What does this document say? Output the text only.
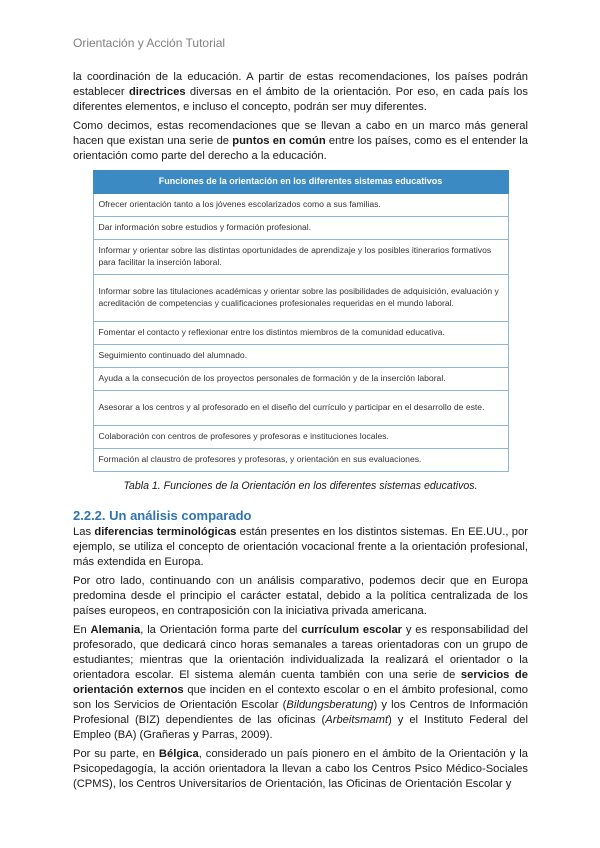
Orientación y Acción Tutorial

la coordinación de la educación. A partir de estas recomendaciones, los países podrán establecer directrices diversas en el ámbito de la orientación. Por eso, en cada país los diferentes elementos, e incluso el concepto, podrán ser muy diferentes.

Como decimos, estas recomendaciones que se llevan a cabo en un marco más general hacen que existan una serie de puntos en común entre los países, como es el entender la orientación como parte del derecho a la educación.

Funciones de la orientación en los diferentes sistemas educativos
Ofrecer orientación tanto a los jóvenes escolarizados como a sus familias.
Dar información sobre estudios y formación profesional.
Informar y orientar sobre las distintas oportunidades de aprendizaje y los posibles itinerarios formativos para facilitar la inserción laboral.
Informar sobre las titulaciones académicas y orientar sobre las posibilidades de adquisición, evaluación y acreditación de competencias y cualificaciones profesionales requeridas en el mundo laboral.
Fomentar el contacto y reflexionar entre los distintos miembros de la comunidad educativa.
Seguimiento continuado del alumnado.
Ayuda a la consecución de los proyectos personales de formación y de la inserción laboral.
Asesorar a los centros y al profesorado en el diseño del currículo y participar en el desarrollo de este.
Colaboración con centros de profesores y profesoras e instituciones locales.
Formación al claustro de profesores y profesoras, y orientación en sus evaluaciones.
Tabla 1. Funciones de la Orientación en los diferentes sistemas educativos.
2.2.2. Un análisis comparado

Las diferencias terminológicas están presentes en los distintos sistemas. En EE.UU., por ejemplo, se utiliza el concepto de orientación vocacional frente a la orientación profesional, más extendida en Europa.

Por otro lado, continuando con un análisis comparativo, podemos decir que en Europa predomina desde el principio el carácter estatal, debido a la política centralizada de los países europeos, en contraposición con la iniciativa privada americana.

En Alemania, la Orientación forma parte del currículum escolar y es responsabilidad del profesorado, que dedicará cinco horas semanales a tareas orientadoras con un grupo de estudiantes; mientras que la orientación individualizada la realizará el orientador o la orientadora escolar. El sistema alemán cuenta también con una serie de servicios de orientación externos que inciden en el contexto escolar o en el ámbito profesional, como son los Servicios de Orientación Escolar (Bildungsberatung) y los Centros de Información Profesional (BIZ) dependientes de las oficinas (Arbeitsmamt) y el Instituto Federal del Empleo (BA) (Grañeras y Parras, 2009).

Por su parte, en Bélgica, considerado un país pionero en el ámbito de la Orientación y la Psicopedagogía, la acción orientadora la llevan a cabo los Centros Psico Médico-Sociales (CPMS), los Centros Universitarios de Orientación, las Oficinas de Orientación Escolar y
